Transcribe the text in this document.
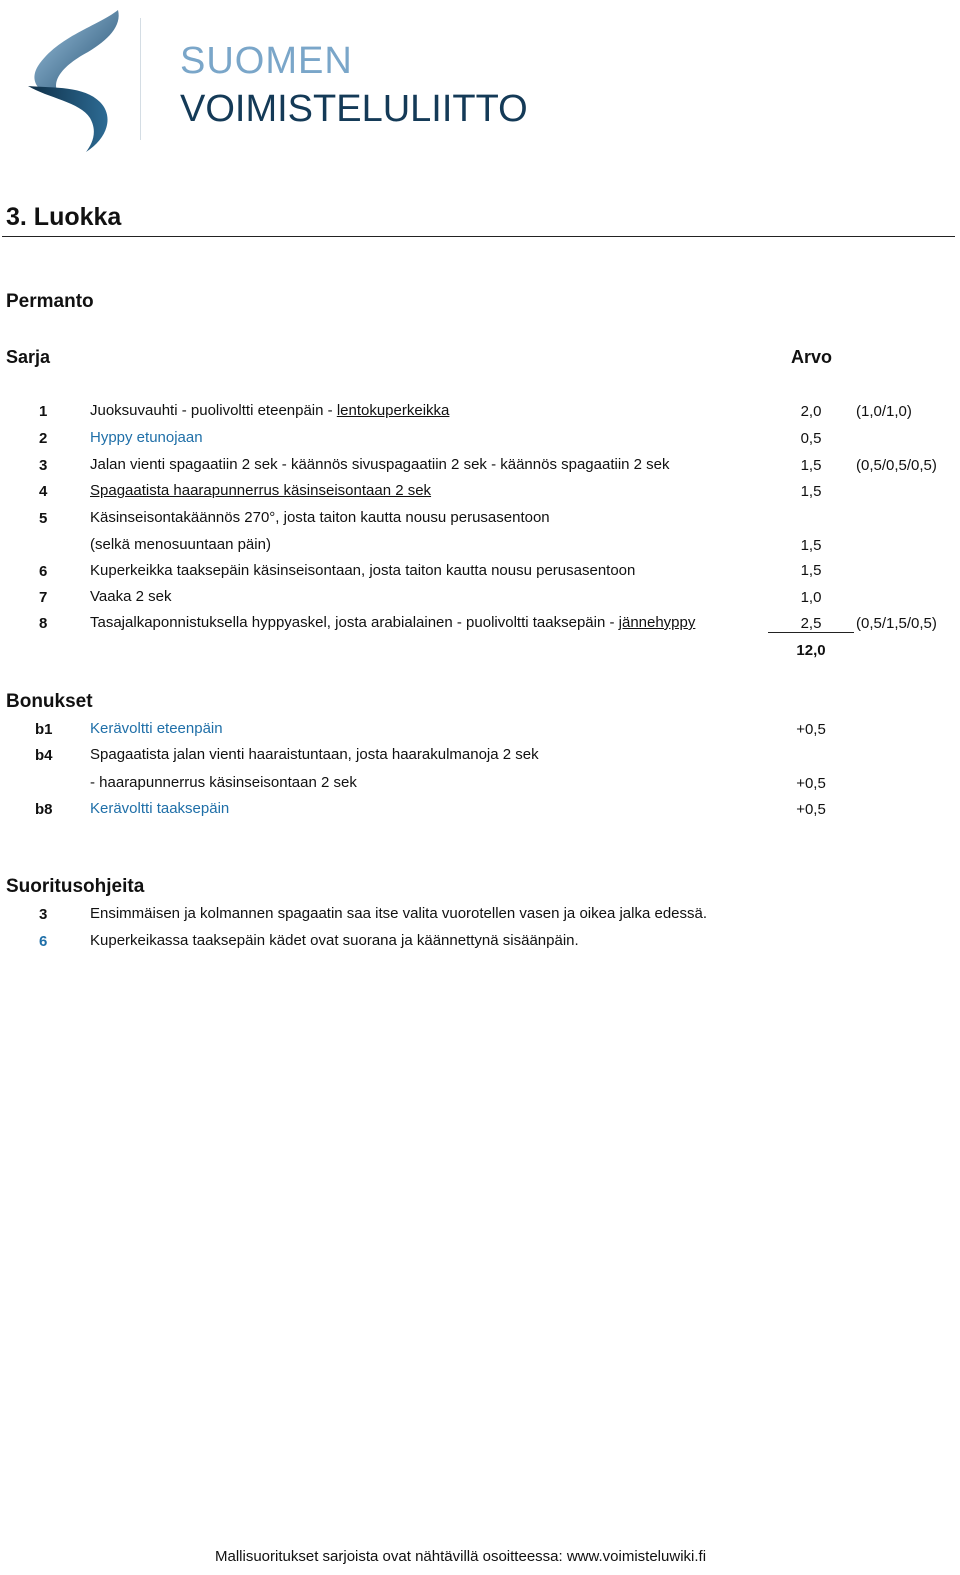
SUOMEN
VOIMISTELULIITTO
3. Luokka
Permanto
Sarja	Arvo
1	Juoksuvauhti - puolivoltti eteenpäin - lentokuperkeikka	2,0	(1,0/1,0)
2	Hyppy etunojaan	0,5
3	Jalan vienti spagaatiin 2 sek - käännös sivuspagaatiin 2 sek - käännös spagaatiin 2 sek	1,5	(0,5/0,5/0,5)
4	Spagaatista haarapunnerrus käsinseisontaan 2 sek	1,5
5	Käsinseisontakäännös 270°, josta taiton kautta nousu perusasentoon
(selkä menosuuntaan päin)	1,5
6	Kuperkeikka taaksepäin käsinseisontaan, josta taiton kautta nousu perusasentoon	1,5
7	Vaaka 2 sek	1,0
8	Tasajalkaponnistuksella hyppyaskel, josta arabialainen - puolivoltti taaksepäin - jännehyppy	2,5	(0,5/1,5/0,5)
12,0
Bonukset
b1 Kerävoltti eteenpäin	+0,5
b4 Spagaatista jalan vienti haaraistuntaan, josta haarakulmanoja 2 sek
- haarapunnerrus käsinseisontaan 2 sek	+0,5
b8 Kerävoltti taaksepäin	+0,5
Suoritusohjeita
3	Ensimmäisen ja kolmannen spagaatin saa itse valita vuorotellen vasen ja oikea jalka edessä.
6	Kuperkeikassa taaksepäin kädet ovat suorana ja käännettynä sisäänpäin.
Mallisuoritukset sarjoista ovat nähtävillä osoitteessa: www.voimisteluwiki.fi
